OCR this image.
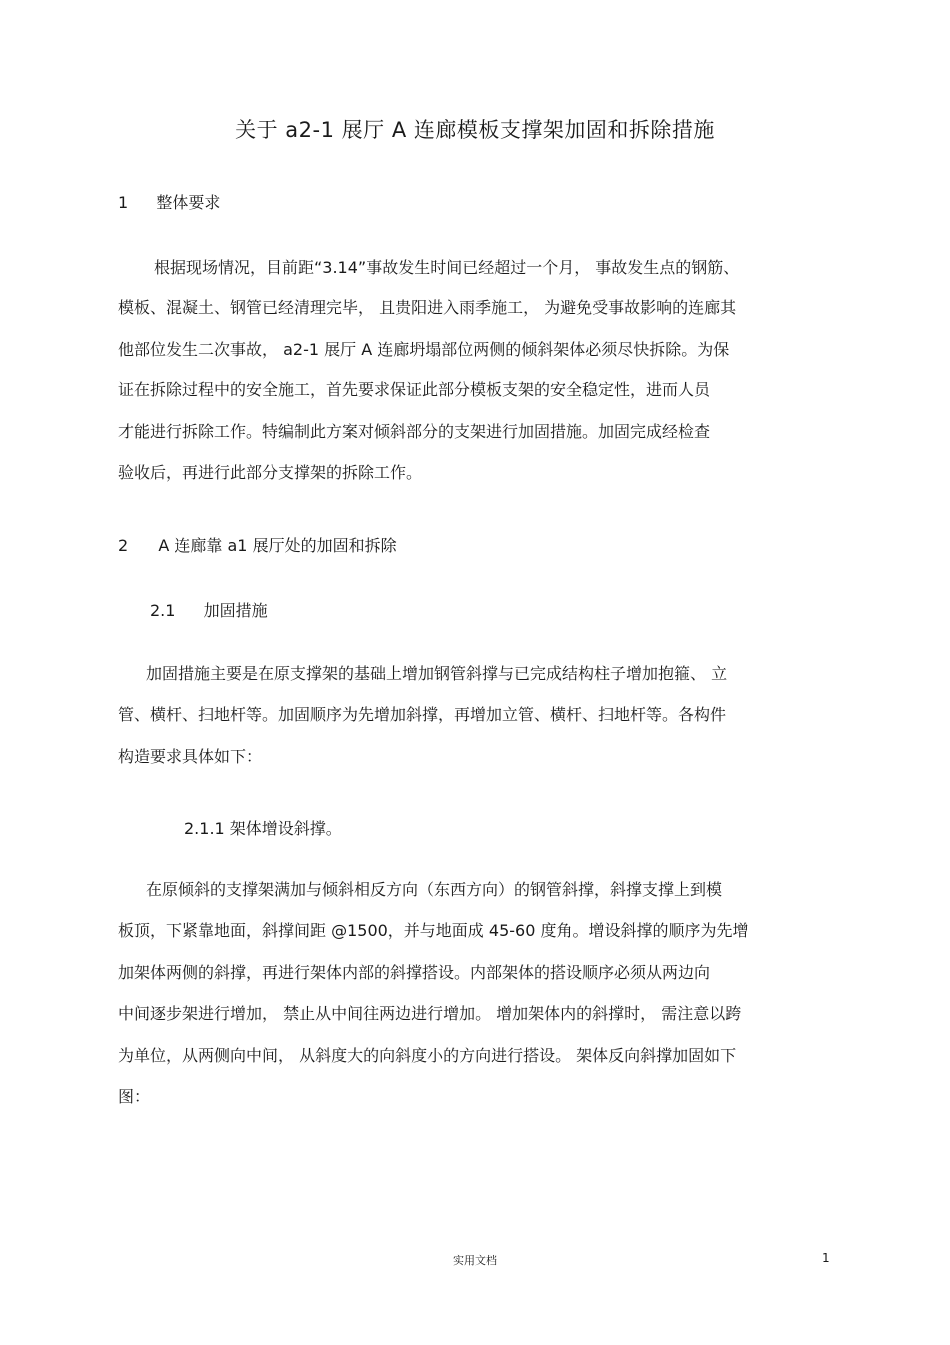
关于 a2-1 展厅 A 连廊模板支撑架加固和拆除措施
1 整体要求
根据现场情况，目前距“3.14”事故发生时间已经超过一个月， 事故发生点的钢筋、
模板、混凝土、钢管已经清理完毕， 且贵阳进入雨季施工， 为避免受事故影响的连廊其
他部位发生二次事故， a2-1 展厅 A 连廊坍塌部位两侧的倾斜架体必须尽快拆除。为保
证在拆除过程中的安全施工，首先要求保证此部分模板支架的安全稳定性，进而人员
才能进行拆除工作。特编制此方案对倾斜部分的支架进行加固措施。加固完成经检查
验收后，再进行此部分支撑架的拆除工作。
2 A 连廊靠 a1 展厅处的加固和拆除
2.1 加固措施
加固措施主要是在原支撑架的基础上增加钢管斜撑与已完成结构柱子增加抱箍、 立
管、横杆、扫地杆等。加固顺序为先增加斜撑，再增加立管、横杆、扫地杆等。各构件
构造要求具体如下：
2.1.1 架体增设斜撑。
在原倾斜的支撑架满加与倾斜相反方向（东西方向）的钢管斜撑，斜撑支撑上到模
板顶，下紧靠地面，斜撑间距 @1500，并与地面成 45-60 度角。增设斜撑的顺序为先增
加架体两侧的斜撑，再进行架体内部的斜撑搭设。内部架体的搭设顺序必须从两边向
中间逐步架进行增加， 禁止从中间往两边进行增加。 增加架体内的斜撑时， 需注意以跨
为单位，从两侧向中间， 从斜度大的向斜度小的方向进行搭设。 架体反向斜撑加固如下
图：
实用文档	1
